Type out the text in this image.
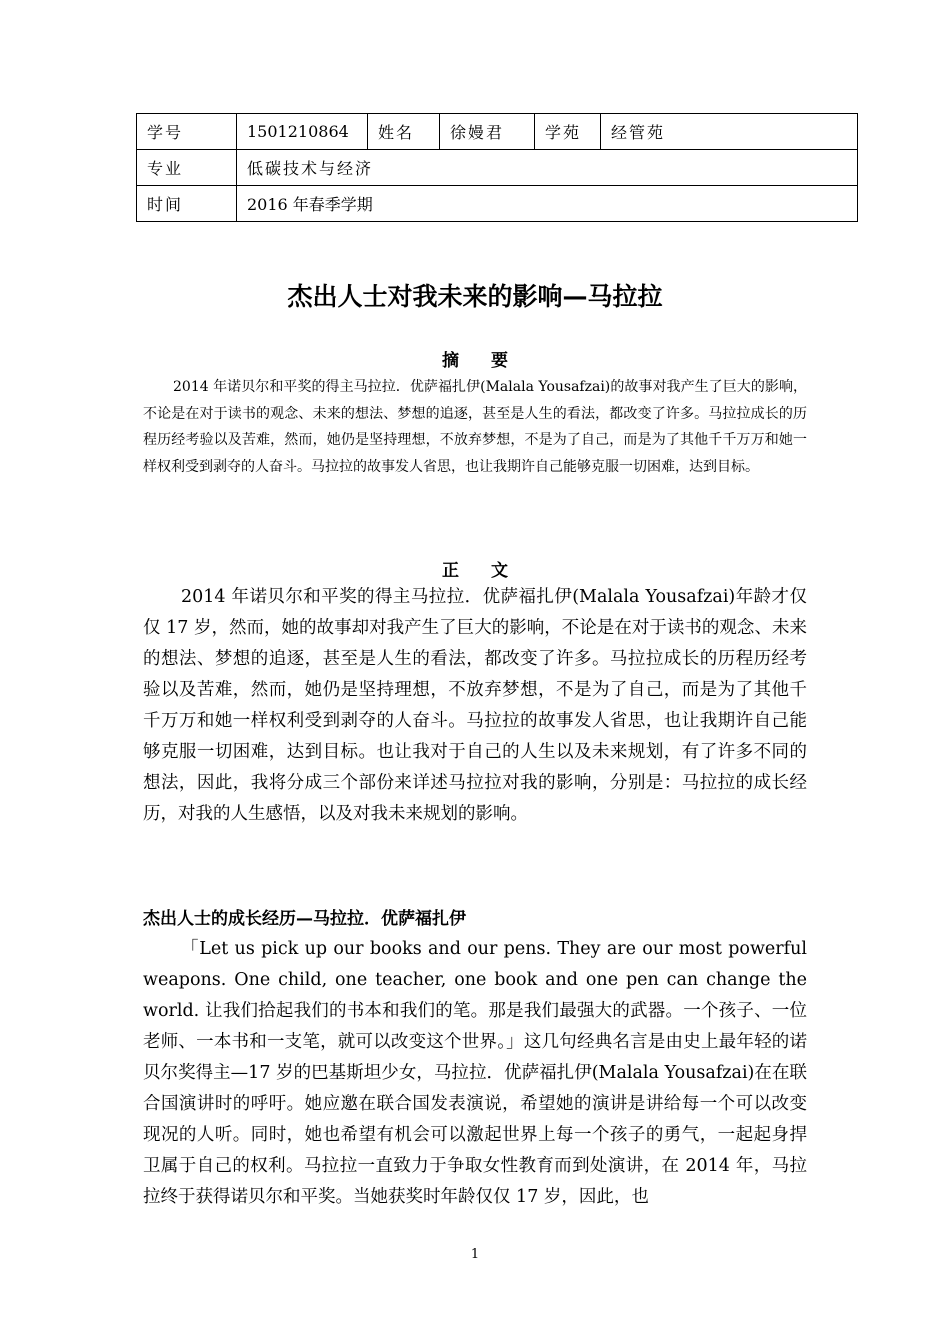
学号	1501210864	姓名	徐嫚君	学苑	经管苑
专业	低碳技术与经济				
时间	2016 年春季学期				
杰出人士对我未来的影响—马拉拉
摘要

2014 年诺贝尔和平奖的得主马拉拉．优萨福扎伊(Malala Yousafzai)的故事对我产生了巨大的影响，不论是在对于读书的观念、未来的想法、梦想的追逐，甚至是人生的看法，都改变了许多。马拉拉成长的历程历经考验以及苦难，然而，她仍是坚持理想，不放弃梦想，不是为了自己，而是为了其他千千万万和她一样权利受到剥夺的人奋斗。马拉拉的故事发人省思，也让我期许自己能够克服一切困难，达到目标。

正文

2014 年诺贝尔和平奖的得主马拉拉．优萨福扎伊(Malala Yousafzai)年龄才仅仅 17 岁，然而，她的故事却对我产生了巨大的影响，不论是在对于读书的观念、未来的想法、梦想的追逐，甚至是人生的看法，都改变了许多。马拉拉成长的历程历经考验以及苦难，然而，她仍是坚持理想，不放弃梦想，不是为了自己，而是为了其他千千万万和她一样权利受到剥夺的人奋斗。马拉拉的故事发人省思，也让我期许自己能够克服一切困难，达到目标。也让我对于自己的人生以及未来规划，有了许多不同的想法，因此，我将分成三个部份来详述马拉拉对我的影响，分别是：马拉拉的成长经历，对我的人生感悟，以及对我未来规划的影响。

杰出人士的成长经历—马拉拉．优萨福扎伊

「Let us pick up our books and our pens. They are our most powerful weapons. One child, one teacher, one book and one pen can change the world. 让我们拾起我们的书本和我们的笔。那是我们最强大的武器。一个孩子、一位老师、一本书和一支笔，就可以改变这个世界。」这几句经典名言是由史上最年轻的诺贝尔奖得主—17 岁的巴基斯坦少女，马拉拉．优萨福扎伊(Malala Yousafzai)在在联合国演讲时的呼吁。她应邀在联合国发表演说，希望她的演讲是讲给每一个可以改变现况的人听。同时，她也希望有机会可以激起世界上每一个孩子的勇气，一起起身捍卫属于自己的权利。马拉拉一直致力于争取女性教育而到处演讲，在 2014 年，马拉拉终于获得诺贝尔和平奖。当她获奖时年龄仅仅 17 岁，因此，也

1
